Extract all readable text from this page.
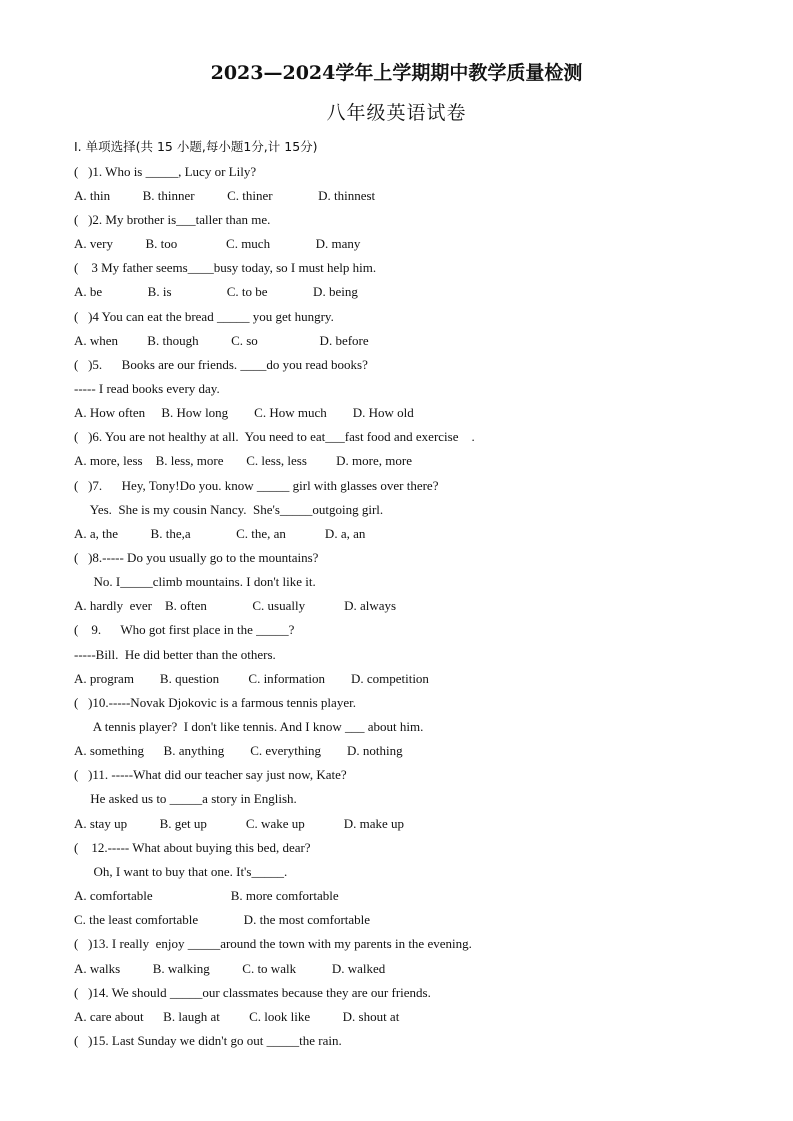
2023—2024学年上学期期中教学质量检测
八年级英语试卷
I. 单项选择(共 15 小题,每小题1分,计 15分)
(   )1. Who is _____, Lucy or Lily?
A. thin          B. thinner          C. thiner              D. thinnest
(   )2. My brother is___taller than me.
A. very          B. too               C. much              D. many
(    3 My father seems____busy today, so I must help him.
A. be              B. is                 C. to be              D. being
(   )4 You can eat the bread _____ you get hungry.
A. when         B. though          C. so                   D. before
(   )5.      Books are our friends. ____do you read books?
----- I read books every day.
A. How often     B. How long        C. How much        D. How old
(   )6. You are not healthy at all.  You need to eat___fast food and exercise    .
A. more, less    B. less, more       C. less, less         D. more, more
(   )7.      Hey, Tony!Do you. know _____ girl with glasses over there?
Yes.  She is my cousin Nancy.  She's_____outgoing girl.
A. a, the          B. the,a              C. the, an            D. a, an
(   )8.----- Do you usually go to the mountains?
No. I_____climb mountains. I don't like it.
A. hardly  ever    B. often              C. usually            D. always
(    9.      Who got first place in the _____?
-----Bill.  He did better than the others.
A. program        B. question         C. information        D. competition
(   )10.-----Novak Djokovic is a farmous tennis player.
A tennis player?  I don't like tennis. And I know ___ about him.
A. something      B. anything        C. everything        D. nothing
(   )11. -----What did our teacher say just now, Kate?
He asked us to _____a story in English.
A. stay up          B. get up            C. wake up            D. make up
(    12.----- What about buying this bed, dear?
Oh, I want to buy that one. It's_____.
A. comfortable                        B. more comfortable
C. the least comfortable              D. the most comfortable
(   )13. I really  enjoy _____around the town with my parents in the evening.
A. walks          B. walking          C. to walk           D. walked
(   )14. We should _____our classmates because they are our friends.
A. care about      B. laugh at         C. look like          D. shout at
(   )15. Last Sunday we didn't go out _____the rain.
